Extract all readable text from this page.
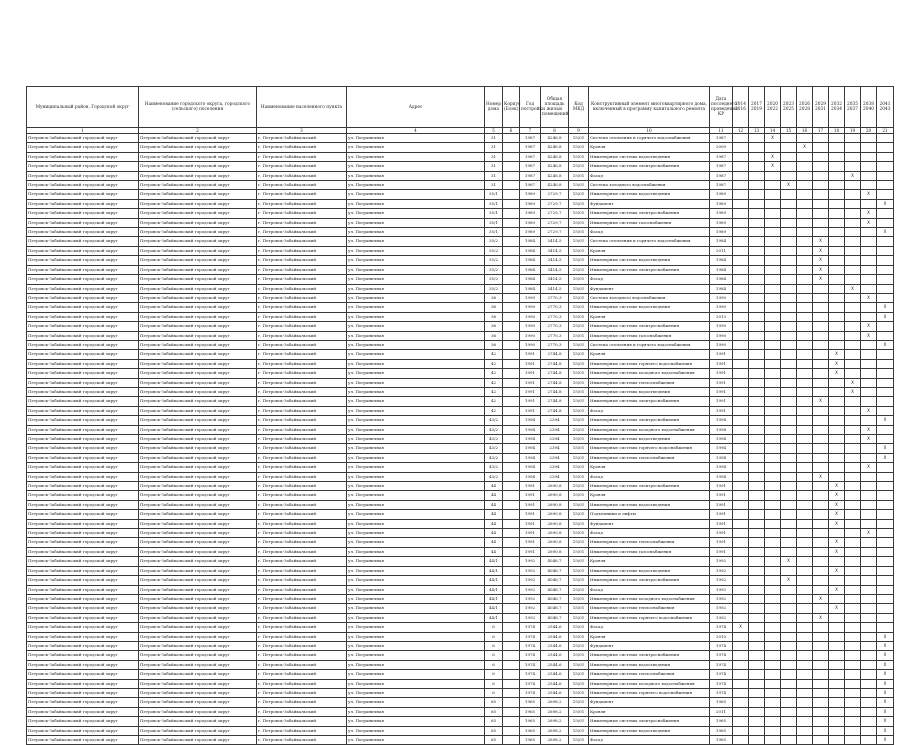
Муниципальный район, Городской округ	Наименование городского округа, городского (сельского) поселения	Наименование населенного пункта	Адрес	Номер дома	Корпус (Блок)	Год постройки	Общая площадь жилых помещений	Код МКД	Конструктивный элемент многоквартирного дома, включенный в программу капитального ремонта	Дата последнего проведения КР	2014 2016	2017 2019	2020 2022	2023 2025	2026 2028	2029 2031	2032 2034	2035 2037	2038 2040	2041 2043
1	2	3	4	5	6	7	8	9	10	11	12	13	14	15	16	17	18	19	20	21
Петровск-Забайкальский городской округ	Петровск-Забайкальский городской округ	г. Петровск-Забайкальский	ул. Пограничная	31		1987	4246,8	15/01	Система отопления и горячего водоснабжения	1987			X							
Петровск-Забайкальский городской округ	Петровск-Забайкальский городской округ	г. Петровск-Забайкальский	ул. Пограничная	31		1987	4246,8	15/01	Кровля	2009					X					
Петровск-Забайкальский городской округ	Петровск-Забайкальский городской округ	г. Петровск-Забайкальский	ул. Пограничная	31		1987	4246,8	15/01	Инженерные системы водоотведения	1987			X							
Петровск-Забайкальский городской округ	Петровск-Забайкальский городской округ	г. Петровск-Забайкальский	ул. Пограничная	31		1987	4246,8	15/01	Инженерные системы электроснабжения	1987			X							
Петровск-Забайкальский городской округ	Петровск-Забайкальский городской округ	г. Петровск-Забайкальский	ул. Пограничная	31		1987	4246,8	15/01	Фасад	1987								X		
Петровск-Забайкальский городской округ	Петровск-Забайкальский городской округ	г. Петровск-Забайкальский	ул. Пограничная	31		1987	4246,8	15/01	Система холодного водоснабжения	1987				X						
Петровск-Забайкальский городской округ	Петровск-Забайкальский городской округ	г. Петровск-Забайкальский	ул. Пограничная	35/1		1989	2729,7	15/01	Инженерные системы водоотведения	1989									X	
Петровск-Забайкальский городской округ	Петровск-Забайкальский городской округ	г. Петровск-Забайкальский	ул. Пограничная	35/1		1989	2729,7	15/01	Фундамент	1989										X
Петровск-Забайкальский городской округ	Петровск-Забайкальский городской округ	г. Петровск-Забайкальский	ул. Пограничная	35/1		1989	2729,7	15/01	Инженерные системы электроснабжения	1989									X	
Петровск-Забайкальский городской округ	Петровск-Забайкальский городской округ	г. Петровск-Забайкальский	ул. Пограничная	35/1		1989	2729,7	15/01	Инженерные системы газоснабжения	1989									X	
Петровск-Забайкальский городской округ	Петровск-Забайкальский городской округ	г. Петровск-Забайкальский	ул. Пограничная	35/1		1989	2729,7	15/01	Фасад	1989										X
Петровск-Забайкальский городской округ	Петровск-Забайкальский городской округ	г. Петровск-Забайкальский	ул. Пограничная	35/2		1984	3414,5	15/01	Система отопления и горячего водоснабжения	1984						X				
Петровск-Забайкальский городской округ	Петровск-Забайкальский городской округ	г. Петровск-Забайкальский	ул. Пограничная	35/2		1984	3414,5	15/01	Кровля	2011						X				
Петровск-Забайкальский городской округ	Петровск-Забайкальский городской округ	г. Петровск-Забайкальский	ул. Пограничная	35/2		1984	3414,5	15/01	Инженерные системы водоотведения	1984						X				
Петровск-Забайкальский городской округ	Петровск-Забайкальский городской округ	г. Петровск-Забайкальский	ул. Пограничная	35/2		1984	3414,5	15/01	Инженерные системы электроснабжения	1984						X				
Петровск-Забайкальский городской округ	Петровск-Забайкальский городской округ	г. Петровск-Забайкальский	ул. Пограничная	35/2		1984	3414,5	15/01	Фасад	1984						X				
Петровск-Забайкальский городской округ	Петровск-Забайкальский городской округ	г. Петровск-Забайкальский	ул. Пограничная	35/2		1984	3414,5	15/01	Фундамент	1984								X		
Петровск-Забайкальский городской округ	Петровск-Забайкальский городской округ	г. Петровск-Забайкальский	ул. Пограничная	36		1990	2770,3	15/01	Система холодного водоснабжения	1990									X	
Петровск-Забайкальский городской округ	Петровск-Забайкальский городской округ	г. Петровск-Забайкальский	ул. Пограничная	36		1990	2770,3	15/01	Инженерные системы водоотведения	1990										X
Петровск-Забайкальский городской округ	Петровск-Забайкальский городской округ	г. Петровск-Забайкальский	ул. Пограничная	36		1990	2770,3	15/01	Кровля	2013										X
Петровск-Забайкальский городской округ	Петровск-Забайкальский городской округ	г. Петровск-Забайкальский	ул. Пограничная	36		1990	2770,3	15/01	Инженерные системы электроснабжения	1990									X	
Петровск-Забайкальский городской округ	Петровск-Забайкальский городской округ	г. Петровск-Забайкальский	ул. Пограничная	36		1990	2770,3	15/01	Инженерные системы газоснабжения	1990									X	
Петровск-Забайкальский городской округ	Петровск-Забайкальский городской округ	г. Петровск-Забайкальский	ул. Пограничная	36		1990	2770,3	15/01	Система отопления и горячего водоснабжения	1990										X
Петровск-Забайкальский городской округ	Петровск-Забайкальский городской округ	г. Петровск-Забайкальский	ул. Пограничная	42		1991	2744,8	15/01	Кровля	1991							X			
Петровск-Забайкальский городской округ	Петровск-Забайкальский городской округ	г. Петровск-Забайкальский	ул. Пограничная	42		1991	2744,8	15/01	Инженерные системы горячего водоснабжения	1991							X			
Петровск-Забайкальский городской округ	Петровск-Забайкальский городской округ	г. Петровск-Забайкальский	ул. Пограничная	42		1991	2744,8	15/01	Инженерные системы холодного водоснабжения	1991							X			
Петровск-Забайкальский городской округ	Петровск-Забайкальский городской округ	г. Петровск-Забайкальский	ул. Пограничная	42		1991	2744,8	15/01	Инженерные системы теплоснабжения	1991								X		
Петровск-Забайкальский городской округ	Петровск-Забайкальский городской округ	г. Петровск-Забайкальский	ул. Пограничная	42		1991	2744,8	15/01	Инженерные системы водоотведения	1991								X		
Петровск-Забайкальский городской округ	Петровск-Забайкальский городской округ	г. Петровск-Забайкальский	ул. Пограничная	42		1991	2744,8	15/01	Инженерные системы электроснабжения	1991						X				
Петровск-Забайкальский городской округ	Петровск-Забайкальский городской округ	г. Петровск-Забайкальский	ул. Пограничная	42		1991	2744,8	15/01	Фасад	1991									X	
Петровск-Забайкальский городской округ	Петровск-Забайкальский городской округ	г. Петровск-Забайкальский	ул. Пограничная	43/2		1994	2394	15/01	Инженерные системы электроснабжения	1994										X
Петровск-Забайкальский городской округ	Петровск-Забайкальский городской округ	г. Петровск-Забайкальский	ул. Пограничная	43/2		1994	2394	15/01	Инженерные системы холодного водоснабжения	1994									X	
Петровск-Забайкальский городской округ	Петровск-Забайкальский городской округ	г. Петровск-Забайкальский	ул. Пограничная	43/2		1994	2394	15/01	Инженерные системы водоотведения	1994									X	
Петровск-Забайкальский городской округ	Петровск-Забайкальский городской округ	г. Петровск-Забайкальский	ул. Пограничная	43/2		1994	2394	15/01	Инженерные системы горячего водоснабжения	1994										X
Петровск-Забайкальский городской округ	Петровск-Забайкальский городской округ	г. Петровск-Забайкальский	ул. Пограничная	43/2		1994	2394	15/01	Инженерные системы теплоснабжения	1994										X
Петровск-Забайкальский городской округ	Петровск-Забайкальский городской округ	г. Петровск-Забайкальский	ул. Пограничная	43/2		1994	2394	15/01	Кровля	1994									X	
Петровск-Забайкальский городской округ	Петровск-Забайкальский городской округ	г. Петровск-Забайкальский	ул. Пограничная	43/2		1994	2394	15/01	Фасад	1994						X				
Петровск-Забайкальский городской округ	Петровск-Забайкальский городской округ	г. Петровск-Забайкальский	ул. Пограничная	44		1991	2690,8	15/01	Инженерные системы электроснабжения	1991							X			
Петровск-Забайкальский городской округ	Петровск-Забайкальский городской округ	г. Петровск-Забайкальский	ул. Пограничная	44		1991	2690,8	15/01	Кровля	1991							X			
Петровск-Забайкальский городской округ	Петровск-Забайкальский городской округ	г. Петровск-Забайкальский	ул. Пограничная	44		1991	2690,8	15/01	Инженерные системы водоотведения	1991							X			
Петровск-Забайкальский городской округ	Петровск-Забайкальский городской округ	г. Петровск-Забайкальский	ул. Пограничная	44		1991	2690,8	15/01	Подъемники и лифты	1991							X			
Петровск-Забайкальский городской округ	Петровск-Забайкальский городской округ	г. Петровск-Забайкальский	ул. Пограничная	44		1991	2690,8	15/01	Фундамент	1991							X			
Петровск-Забайкальский городской округ	Петровск-Забайкальский городской округ	г. Петровск-Забайкальский	ул. Пограничная	44		1991	2690,8	15/01	Фасад	1991									X	
Петровск-Забайкальский городской округ	Петровск-Забайкальский городской округ	г. Петровск-Забайкальский	ул. Пограничная	44		1991	2690,8	15/01	Инженерные системы теплоснабжения	1991							X			
Петровск-Забайкальский городской округ	Петровск-Забайкальский городской округ	г. Петровск-Забайкальский	ул. Пограничная	44		1991	2690,8	15/01	Инженерные системы газоснабжения	1991							X			
Петровск-Забайкальский городской округ	Петровск-Забайкальский городской округ	г. Петровск-Забайкальский	ул. Пограничная	44/1		1992	4046,7	15/01	Кровля	1992				X						
Петровск-Забайкальский городской округ	Петровск-Забайкальский городской округ	г. Петровск-Забайкальский	ул. Пограничная	44/1		1992	4046,7	15/01	Инженерные системы водоотведения	1992							X			
Петровск-Забайкальский городской округ	Петровск-Забайкальский городской округ	г. Петровск-Забайкальский	ул. Пограничная	44/1		1992	4046,7	15/01	Инженерные системы электроснабжения	1992				X						
Петровск-Забайкальский городской округ	Петровск-Забайкальский городской округ	г. Петровск-Забайкальский	ул. Пограничная	44/1		1992	4046,7	15/01	Фасад	1992							X			
Петровск-Забайкальский городской округ	Петровск-Забайкальский городской округ	г. Петровск-Забайкальский	ул. Пограничная	44/1		1992	4046,7	15/01	Инженерные системы холодного водоснабжения	1992						X				
Петровск-Забайкальский городской округ	Петровск-Забайкальский городской округ	г. Петровск-Забайкальский	ул. Пограничная	44/1		1992	4046,7	15/01	Инженерные системы теплоснабжения	1992							X			
Петровск-Забайкальский городской округ	Петровск-Забайкальский городской округ	г. Петровск-Забайкальский	ул. Пограничная	44/1		1992	4046,7	15/01	Инженерные системы горячего водоснабжения	1992						X				
Петровск-Забайкальский городской округ	Петровск-Забайкальский городской округ	г. Петровск-Забайкальский	ул. Пограничная	6		1974	2544,6	15/01	Фасад	1974	X									
Петровск-Забайкальский городской округ	Петровск-Забайкальский городской округ	г. Петровск-Забайкальский	ул. Пограничная	6		1974	2544,6	15/01	Кровля	2010										X
Петровск-Забайкальский городской округ	Петровск-Забайкальский городской округ	г. Петровск-Забайкальский	ул. Пограничная	6		1974	2544,6	15/01	Фундамент	1974										X
Петровск-Забайкальский городской округ	Петровск-Забайкальский городской округ	г. Петровск-Забайкальский	ул. Пограничная	6		1974	2544,6	15/01	Инженерные системы электроснабжения	1974										X
Петровск-Забайкальский городской округ	Петровск-Забайкальский городской округ	г. Петровск-Забайкальский	ул. Пограничная	6		1974	2544,6	15/01	Инженерные системы водоотведения	1974										X
Петровск-Забайкальский городской округ	Петровск-Забайкальский городской округ	г. Петровск-Забайкальский	ул. Пограничная	6		1974	2544,6	15/01	Инженерные системы теплоснабжения	1974										X
Петровск-Забайкальский городской округ	Петровск-Забайкальский городской округ	г. Петровск-Забайкальский	ул. Пограничная	6		1974	2544,6	15/01	Инженерные системы холодного водоснабжения	1974										X
Петровск-Забайкальский городской округ	Петровск-Забайкальский городской округ	г. Петровск-Забайкальский	ул. Пограничная	6		1974	2544,6	15/01	Инженерные системы горячего водоснабжения	1974										X
Петровск-Забайкальский городской округ	Петровск-Забайкальский городской округ	г. Петровск-Забайкальский	ул. Пограничная	65		1965	2698,2	15/01	Фундамент	1965										X
Петровск-Забайкальский городской округ	Петровск-Забайкальский городской округ	г. Петровск-Забайкальский	ул. Пограничная	65		1965	2698,2	15/01	Кровля	2011										X
Петровск-Забайкальский городской округ	Петровск-Забайкальский городской округ	г. Петровск-Забайкальский	ул. Пограничная	65		1965	2698,2	15/01	Инженерные системы электроснабжения	1965										X
Петровск-Забайкальский городской округ	Петровск-Забайкальский городской округ	г. Петровск-Забайкальский	ул. Пограничная	65		1965	2698,2	15/01	Инженерные системы водоотведения	1965										X
Петровск-Забайкальский городской округ	Петровск-Забайкальский городской округ	г. Петровск-Забайкальский	ул. Пограничная	65		1965	2698,2	15/01	Фасад	1965										X
